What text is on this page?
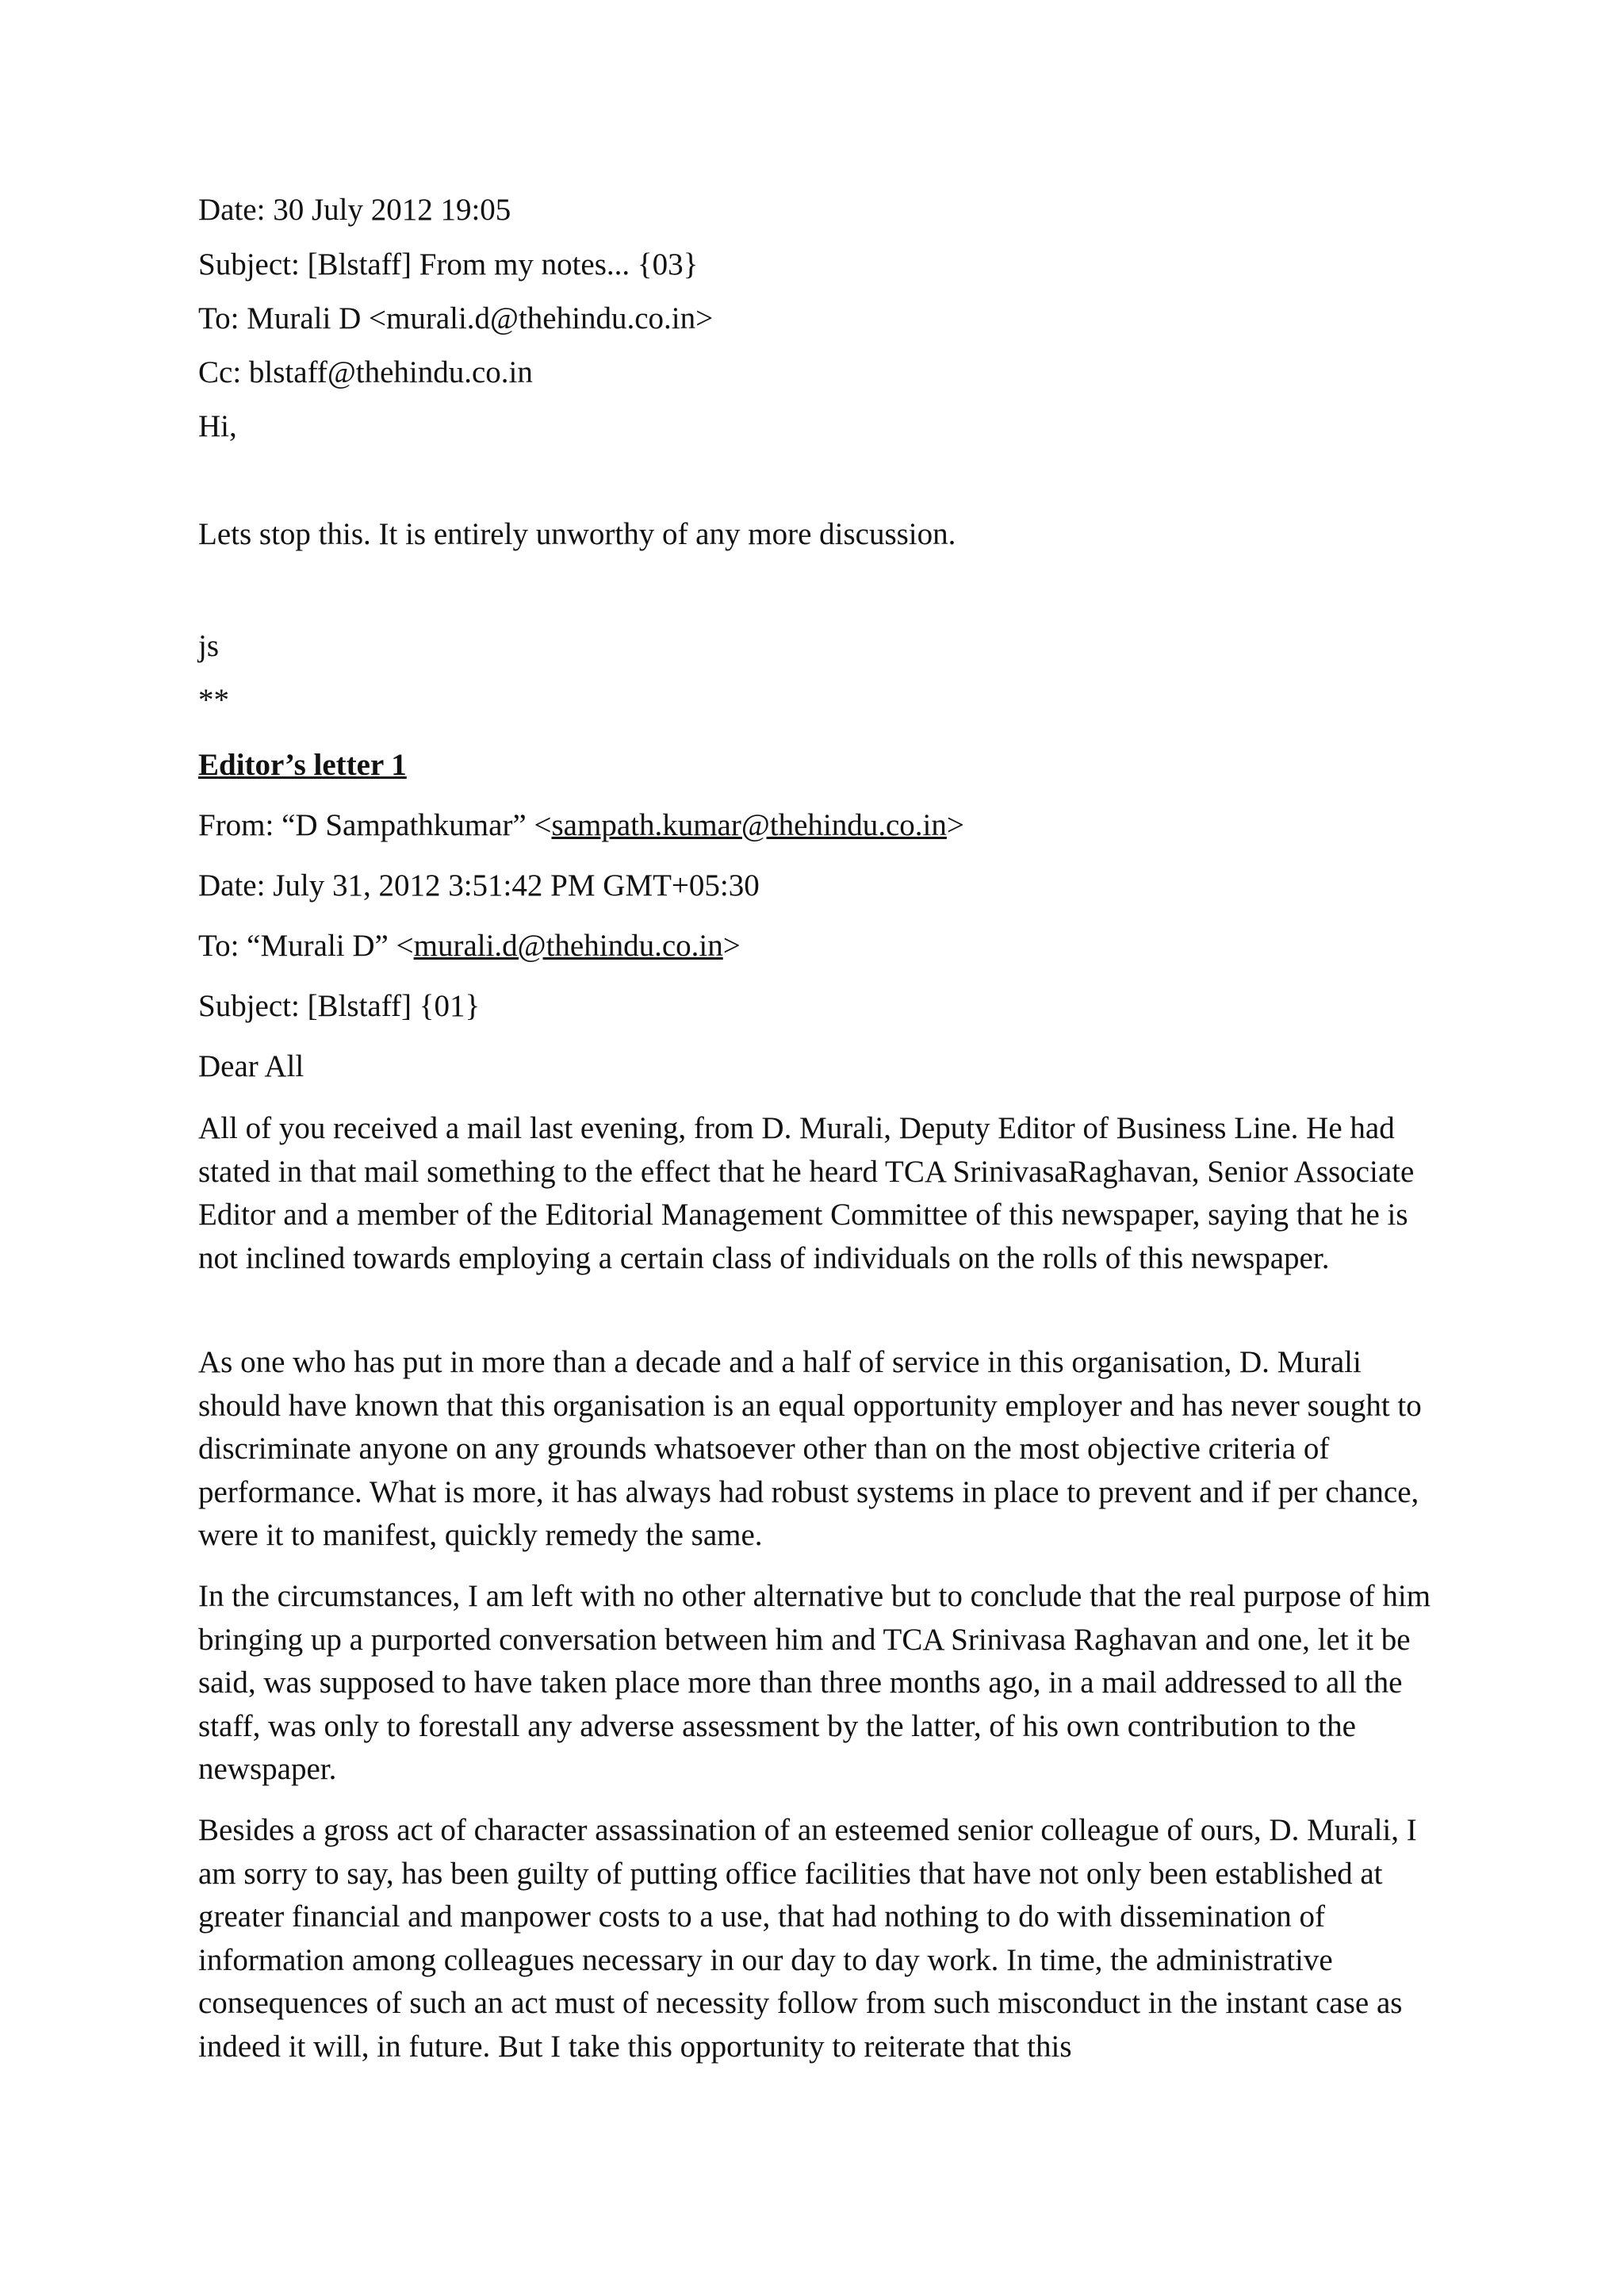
Date: 30 July 2012 19:05
Subject: [Blstaff] From my notes... {03}
To: Murali D <murali.d@thehindu.co.in>
Cc: blstaff@thehindu.co.in
Hi,
Lets stop this. It is entirely unworthy of any more discussion.
js
**
Editor’s letter 1
From: “D Sampathkumar” <sampath.kumar@thehindu.co.in>
Date: July 31, 2012 3:51:42 PM GMT+05:30
To: “Murali D” <murali.d@thehindu.co.in>
Subject: [Blstaff] {01}
Dear All

All of you received a mail last evening, from D. Murali, Deputy Editor of Business Line. He had stated in that mail something to the effect that he heard TCA SrinivasaRaghavan, Senior Associate Editor and a member of the Editorial Management Committee of this newspaper, saying that he is not inclined towards employing a certain class of individuals on the rolls of this newspaper.

As one who has put in more than a decade and a half of service in this organisation, D. Murali should have known that this organisation is an equal opportunity employer and has never sought to discriminate anyone on any grounds whatsoever other than on the most objective criteria of performance. What is more, it has always had robust systems in place to prevent and if per chance, were it to manifest, quickly remedy the same.

In the circumstances, I am left with no other alternative but to conclude that the real purpose of him bringing up a purported conversation between him and TCA Srinivasa Raghavan and one, let it be said, was supposed to have taken place more than three months ago, in a mail addressed to all the staff, was only to forestall any adverse assessment by the latter, of his own contribution to the newspaper.

Besides a gross act of character assassination of an esteemed senior colleague of ours, D. Murali, I am sorry to say, has been guilty of putting office facilities that have not only been established at greater financial and manpower costs to a use, that had nothing to do with dissemination of information among colleagues necessary in our day to day work. In time, the administrative consequences of such an act must of necessity follow from such misconduct in the instant case as indeed it will, in future. But I take this opportunity to reiterate that this
